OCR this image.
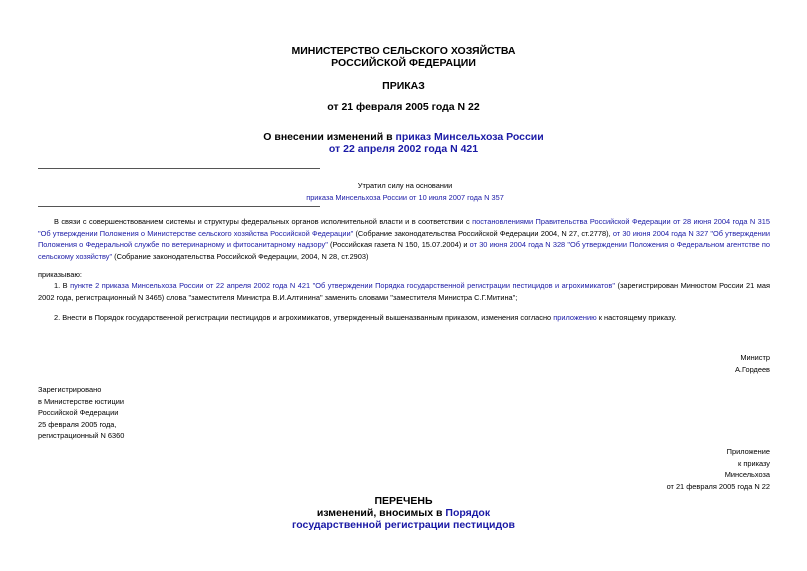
МИНИСТЕРСТВО СЕЛЬСКОГО ХОЗЯЙСТВА

РОССИЙСКОЙ ФЕДЕРАЦИИ

ПРИКАЗ
от 21 февраля 2005 года N 22

О внесении изменений в приказ Минсельхоза России

от 22 апреля 2002 года N 421

Утратил силу на основании

приказа Минсельхоза России от 10 июля 2007 года N 357

В связи с совершенствованием системы и структуры федеральных органов исполнительной власти и в соответствии с постановлениями Правительства Российской Федерации от 28 июня 2004 года N 315 "Об утверждении Положения о Министерстве сельского хозяйства Российской Федерации" (Собрание законодательства Российской Федерации 2004, N 27, ст.2778), от 30 июня 2004 года N 327 "Об утверждении Положения о Федеральной службе по ветеринарному и фитосанитарному надзору" (Российская газета N 150, 15.07.2004) и от 30 июня 2004 года N 328 "Об утверждении Положения о Федеральном агентстве по сельскому хозяйству" (Собрание законодательства Российской Федерации, 2004, N 28, ст.2903)
приказываю:
1. В пункте 2 приказа Минсельхоза России от 22 апреля 2002 года N 421 "Об утверждении Порядка государственной регистрации пестицидов и агрохимикатов" (зарегистрирован Минюстом России 21 мая 2002 года, регистрационный N 3465) слова "заместителя Министра В.И.Алтинина" заменить словами "заместителя Министра С.Г.Митина";
2. Внести в Порядок государственной регистрации пестицидов и агрохимикатов, утвержденный вышеназванным приказом, изменения согласно приложению к настоящему приказу.

Министр

А.Гордеев

Зарегистрировано

в Министерстве юстиции

Российской Федерации

25 февраля 2005 года,

регистрационный N 6360

Приложение

к приказу

Минсельхоза

от 21 февраля 2005 года N 22

ПЕРЕЧЕНЬ

изменений, вносимых в Порядок

государственной регистрации пестицидов
